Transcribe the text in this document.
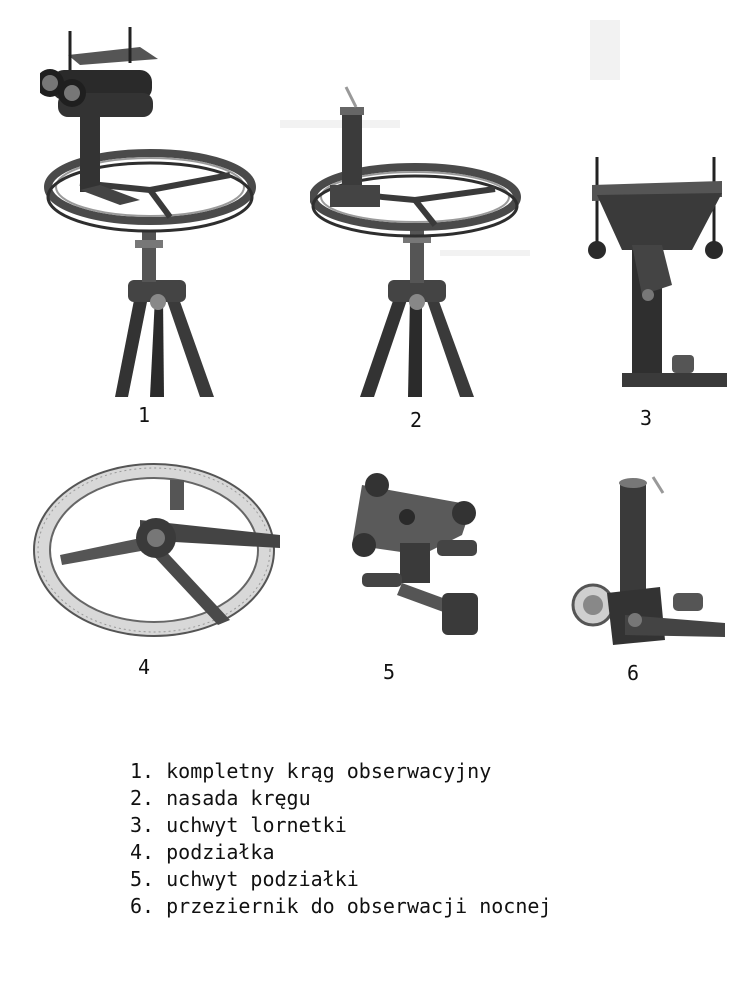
1	2	3
4	5	6
1. kompletny krąg obserwacyjny
2. nasada kręgu
3. uchwyt lornetki
4. podziałka
5. uchwyt podziałki
6. przeziernik do obserwacji nocnej
